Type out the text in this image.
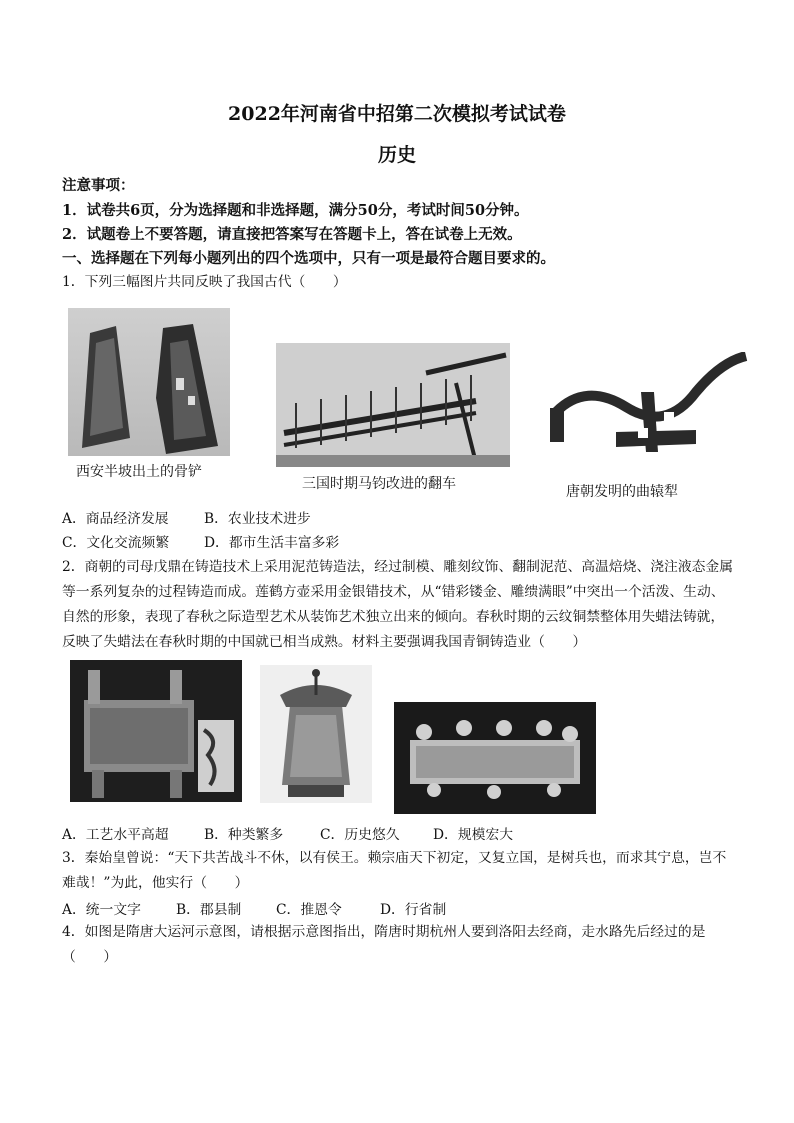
2022年河南省中招第二次模拟考试试卷
历史
注意事项：
1．试卷共6页，分为选择题和非选择题，满分50分，考试时间50分钟。
2．试题卷上不要答题，请直接把答案写在答题卡上，答在试卷上无效。
一、选择题在下列每小题列出的四个选项中，只有一项是最符合题目要求的。
1．下列三幅图片共同反映了我国古代（　　）
西安半坡出土的骨铲
三国时期马钧改进的翻车	唐朝发明的曲辕犁
A．商品经济发展	B．农业技术进步
C．文化交流频繁	D．都市生活丰富多彩
2．商朝的司母戊鼎在铸造技术上采用泥范铸造法，经过制模、雕刻纹饰、翻制泥范、高温焙烧、浇注液态金属等一系列复杂的过程铸造而成。莲鹤方壶采用金银错技术，从“错彩镂金、雕缋满眼”中突出一个活泼、生动、自然的形象，表现了春秋之际造型艺术从装饰艺术独立出来的倾向。春秋时期的云纹铜禁整体用失蜡法铸就，反映了失蜡法在春秋时期的中国就已相当成熟。材料主要强调我国青铜铸造业（　　）
A．工艺水平高超	B．种类繁多	C．历史悠久 D．规模宏大
3．秦始皇曾说：“天下共苦战斗不休，以有侯王。赖宗庙天下初定，又复立国，是树兵也，而求其宁息，岂不难哉！”为此，他实行（　　）
A．统一文字	B．郡县制	C．推恩令	D．行省制
4．如图是隋唐大运河示意图，请根据示意图指出，隋唐时期杭州人要到洛阳去经商，走水路先后经过的是（　　）
